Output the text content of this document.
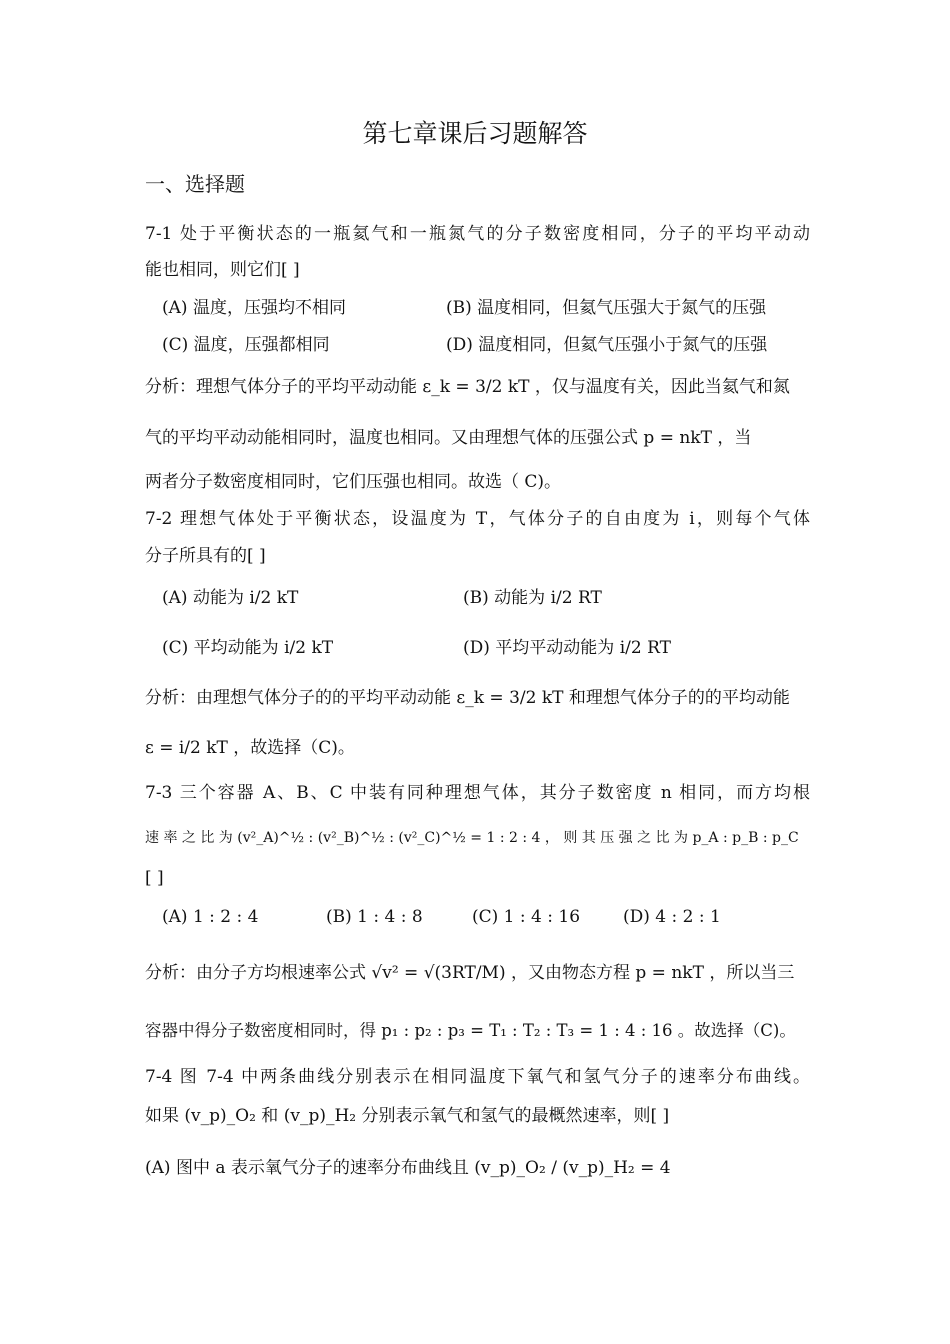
第七章课后习题解答
一、选择题
7-1 处于平衡状态的一瓶氦气和一瓶氮气的分子数密度相同，分子的平均平动动
能也相同，则它们[ ]
(A) 温度，压强均不相同	(B) 温度相同，但氦气压强大于氮气的压强
(C) 温度，压强都相同	(D) 温度相同，但氦气压强小于氮气的压强
分析：理想气体分子的平均平动动能 ε_k = 3/2 kT ，仅与温度有关，因此当氦气和氮
气的平均平动动能相同时，温度也相同。又由理想气体的压强公式 p = nkT ，当
两者分子数密度相同时，它们压强也相同。故选（ C)。
7-2 理想气体处于平衡状态，设温度为 T，气体分子的自由度为 i，则每个气体
分子所具有的[ ]
(A) 动能为 i/2 kT	(B) 动能为 i/2 RT
(C) 平均动能为 i/2 kT	(D) 平均平动动能为 i/2 RT
分析：由理想气体分子的的平均平动动能 ε_k = 3/2 kT 和理想气体分子的的平均动能
ε = i/2 kT ，故选择（C)。
7-3 三个容器 A、B、C 中装有同种理想气体，其分子数密度 n 相同，而方均根
速 率 之 比 为 (v²_A)^½ : (v²_B)^½ : (v²_C)^½ = 1 : 2 : 4 ， 则 其 压 强 之 比 为 p_A : p_B : p_C
[ ]
(A) 1 : 2 : 4	(B) 1 : 4 : 8	(C) 1 : 4 : 16	(D) 4 : 2 : 1
分析：由分子方均根速率公式 √v² = √(3RT/M) ，又由物态方程 p = nkT ，所以当三
容器中得分子数密度相同时，得 p₁ : p₂ : p₃ = T₁ : T₂ : T₃ = 1 : 4 : 16 。故选择（C)。
7-4 图 7-4 中两条曲线分别表示在相同温度下氧气和氢气分子的速率分布曲线。
如果 (v_p)_O₂ 和 (v_p)_H₂ 分别表示氧气和氢气的最概然速率，则[ ]
(A) 图中 a 表示氧气分子的速率分布曲线且 (v_p)_O₂ / (v_p)_H₂ = 4
